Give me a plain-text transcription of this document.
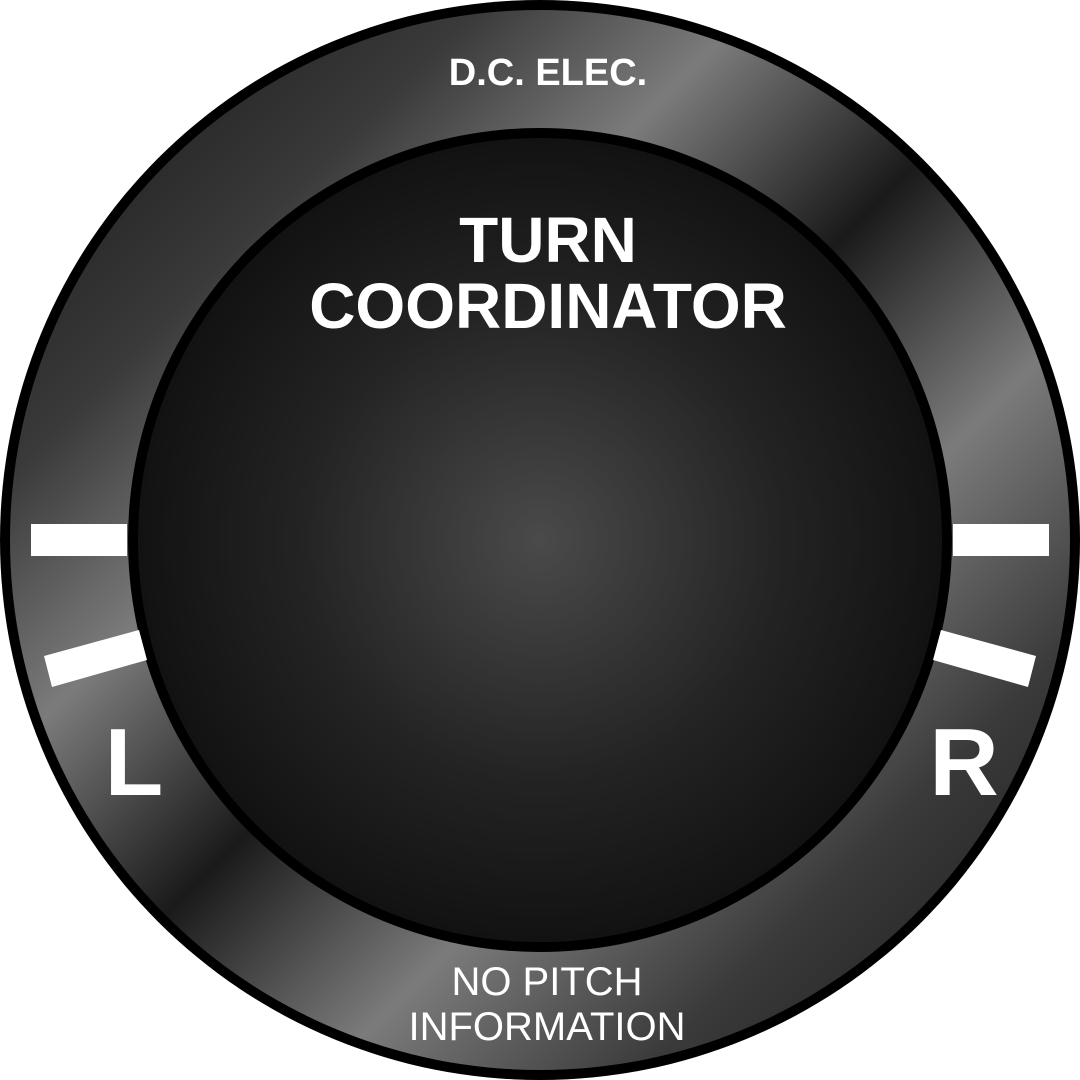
D.C. ELEC.
TURN
COORDINATOR
L	R
NO PITCH
INFORMATION
